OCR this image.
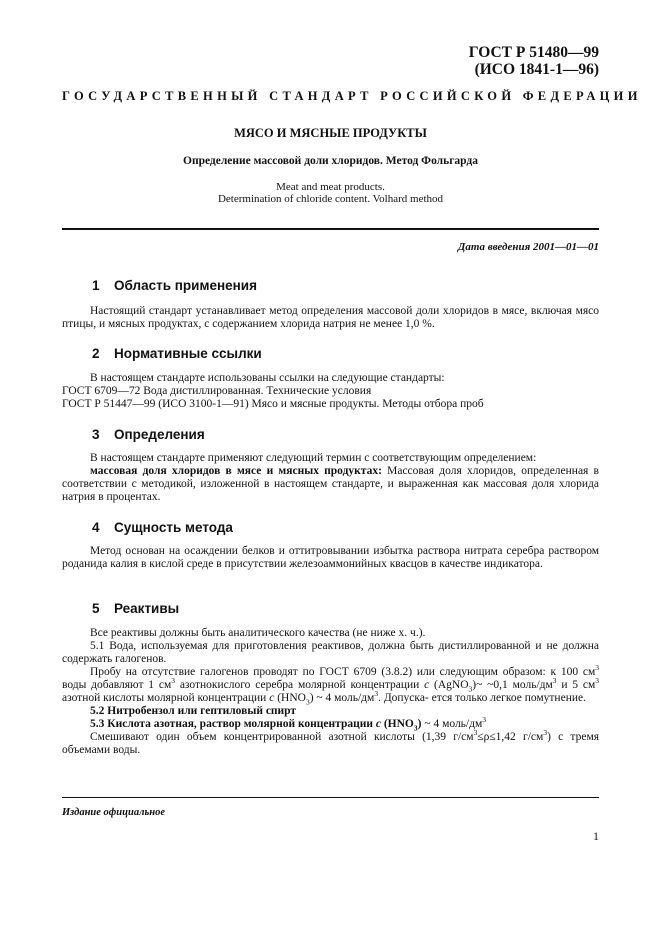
ГОСТ Р 51480—99
(ИСО 1841-1—96)
ГОСУДАРСТВЕННЫЙ СТАНДАРТ РОССИЙСКОЙ ФЕДЕРАЦИИ
МЯСО И МЯСНЫЕ ПРОДУКТЫ
Определение массовой доли хлоридов. Метод Фольгарда
Meat and meat products.
Determination of chloride content. Volhard method
Дата введения 2001—01—01
1 Область применения
Настоящий стандарт устанавливает метод определения массовой доли хлоридов в мясе, включая мясо птицы, и мясных продуктах, с содержанием хлорида натрия не менее 1,0 %.
2 Нормативные ссылки
В настоящем стандарте использованы ссылки на следующие стандарты:
ГОСТ 6709—72 Вода дистиллированная. Технические условия
ГОСТ Р 51447—99 (ИСО 3100-1—91) Мясо и мясные продукты. Методы отбора проб
3 Определения
В настоящем стандарте применяют следующий термин с соответствующим определением:
массовая доля хлоридов в мясе и мясных продуктах: Массовая доля хлоридов, определенная в соответствии с методикой, изложенной в настоящем стандарте, и выраженная как массовая доля хлорида натрия в процентах.
4 Сущность метода
Метод основан на осаждении белков и оттитровывании избытка раствора нитрата серебра раствором роданида калия в кислой среде в присутствии железоаммонийных квасцов в качестве индикатора.
5 Реактивы
Все реактивы должны быть аналитического качества (не ниже х. ч.).
5.1 Вода, используемая для приготовления реактивов, должна быть дистиллированной и не должна содержать галогенов.
Пробу на отсутствие галогенов проводят по ГОСТ 6709 (3.8.2) или следующим образом: к 100 $см^3$ воды добавляют 1 $см^3$ азотнокислого серебра молярной концентрации c (AgNO$_3$)~ ~0,1 моль/$дм^3$ и 5 $см^3$ азотной кислоты молярной концентрации c $(HNO_3)$ ~ 4 моль/$дм^3$. Допуска- ется только легкое помутнение.
5.2 Нитробензол или гептиловый спирт
5.3 Кислота азотная, раствор молярной концентрации c $(HNO_3)$ ~ 4 моль/$дм^3$
Смешивают один объем концентрированной азотной кислоты (1,39 $г/см^3\le\rho\le 1,42$ $г/см^3$) с тремя объемами воды.
Издание официальное
1
